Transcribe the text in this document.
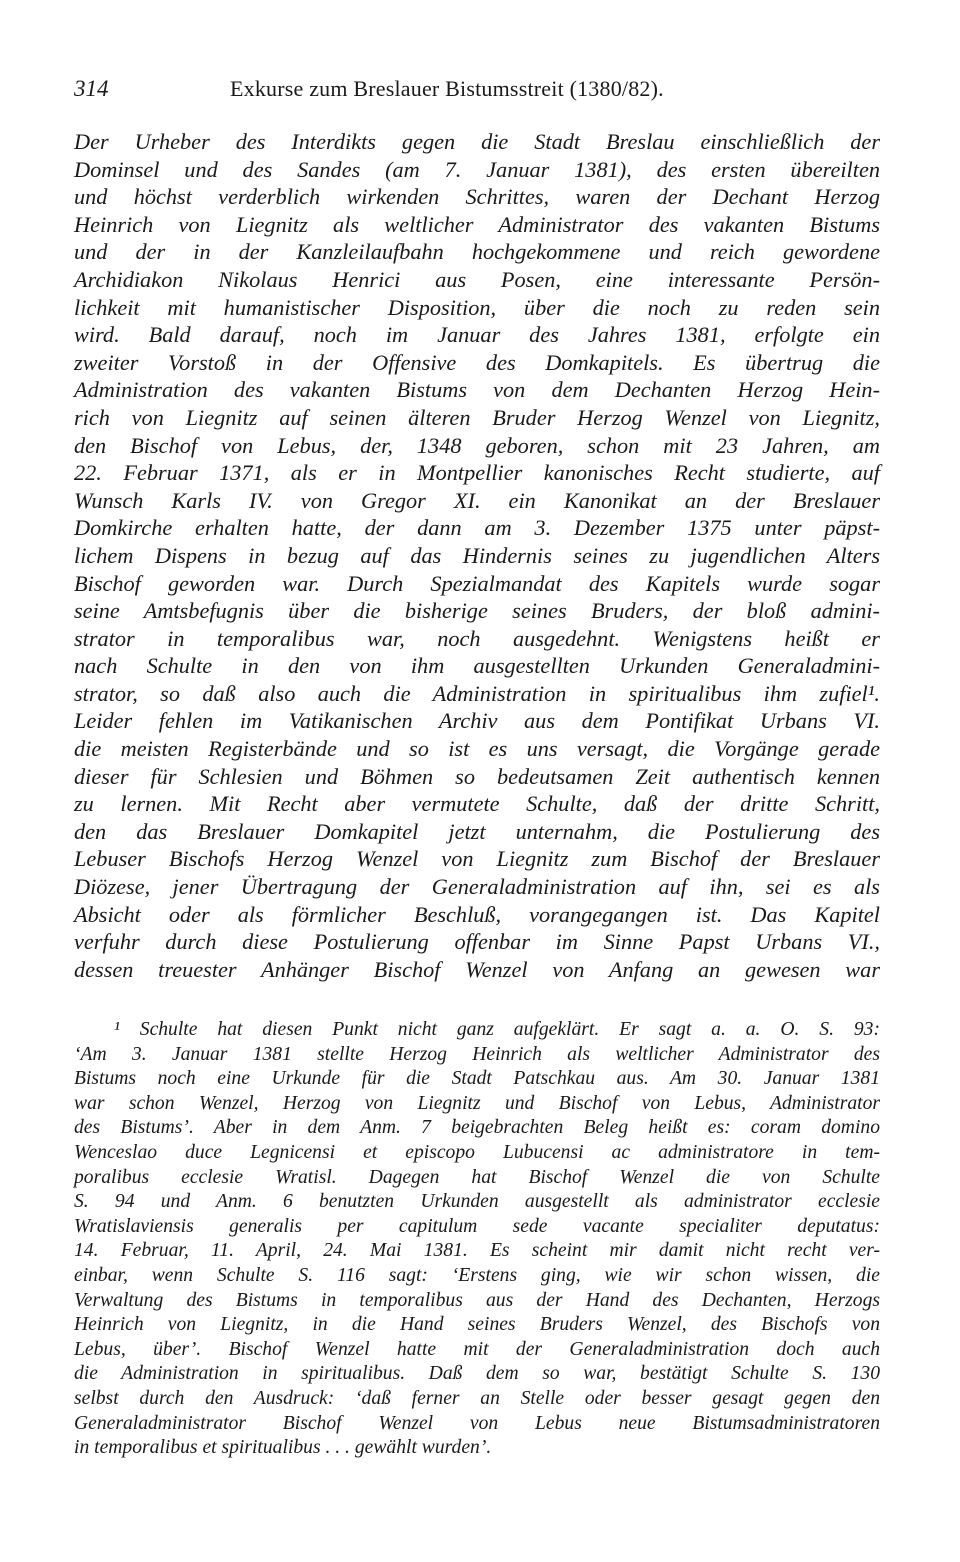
314	Exkurse zum Breslauer Bistumsstreit (1380/82).
Der Urheber des Interdikts gegen die Stadt Breslau einschließlich der
Dominsel und des Sandes (am 7. Januar 1381), des ersten übereilten
und höchst verderblich wirkenden Schrittes, waren der Dechant Herzog
Heinrich von Liegnitz als weltlicher Administrator des vakanten Bistums
und der in der Kanzleilaufbahn hochgekommene und reich gewordene
Archidiakon Nikolaus Henrici aus Posen, eine interessante Persön-
lichkeit mit humanistischer Disposition, über die noch zu reden sein
wird. Bald darauf, noch im Januar des Jahres 1381, erfolgte ein
zweiter Vorstoß in der Offensive des Domkapitels. Es übertrug die
Administration des vakanten Bistums von dem Dechanten Herzog Hein-
rich von Liegnitz auf seinen älteren Bruder Herzog Wenzel von Liegnitz,
den Bischof von Lebus, der, 1348 geboren, schon mit 23 Jahren, am
22. Februar 1371, als er in Montpellier kanonisches Recht studierte, auf
Wunsch Karls IV. von Gregor XI. ein Kanonikat an der Breslauer
Domkirche erhalten hatte, der dann am 3. Dezember 1375 unter päpst-
lichem Dispens in bezug auf das Hindernis seines zu jugendlichen Alters
Bischof geworden war. Durch Spezialmandat des Kapitels wurde sogar
seine Amtsbefugnis über die bisherige seines Bruders, der bloß admini-
strator in temporalibus war, noch ausgedehnt. Wenigstens heißt er
nach Schulte in den von ihm ausgestellten Urkunden Generaladmini-
strator, so daß also auch die Administration in spiritualibus ihm zufiel¹.
Leider fehlen im Vatikanischen Archiv aus dem Pontifikat Urbans VI.
die meisten Registerbände und so ist es uns versagt, die Vorgänge gerade
dieser für Schlesien und Böhmen so bedeutsamen Zeit authentisch kennen
zu lernen. Mit Recht aber vermutete Schulte, daß der dritte Schritt,
den das Breslauer Domkapitel jetzt unternahm, die Postulierung des
Lebuser Bischofs Herzog Wenzel von Liegnitz zum Bischof der Breslauer
Diözese, jener Übertragung der Generaladministration auf ihn, sei es als
Absicht oder als förmlicher Beschluß, vorangegangen ist. Das Kapitel
verfuhr durch diese Postulierung offenbar im Sinne Papst Urbans VI.,
dessen treuester Anhänger Bischof Wenzel von Anfang an gewesen war
¹ Schulte hat diesen Punkt nicht ganz aufgeklärt. Er sagt a. a. O. S. 93:
‘Am 3. Januar 1381 stellte Herzog Heinrich als weltlicher Administrator des
Bistums noch eine Urkunde für die Stadt Patschkau aus. Am 30. Januar 1381
war schon Wenzel, Herzog von Liegnitz und Bischof von Lebus, Administrator
des Bistums’. Aber in dem Anm. 7 beigebrachten Beleg heißt es: coram domino
Wenceslao duce Legnicensi et episcopo Lubucensi ac administratore in tem-
poralibus ecclesie Wratisl. Dagegen hat Bischof Wenzel die von Schulte
S. 94 und Anm. 6 benutzten Urkunden ausgestellt als administrator ecclesie
Wratislaviensis generalis per capitulum sede vacante specialiter deputatus:
14. Februar, 11. April, 24. Mai 1381. Es scheint mir damit nicht recht ver-
einbar, wenn Schulte S. 116 sagt: ‘Erstens ging, wie wir schon wissen, die
Verwaltung des Bistums in temporalibus aus der Hand des Dechanten, Herzogs
Heinrich von Liegnitz, in die Hand seines Bruders Wenzel, des Bischofs von
Lebus, über’. Bischof Wenzel hatte mit der Generaladministration doch auch
die Administration in spiritualibus. Daß dem so war, bestätigt Schulte S. 130
selbst durch den Ausdruck: ‘daß ferner an Stelle oder besser gesagt gegen den
Generaladministrator Bischof Wenzel von Lebus neue Bistumsadministratoren
in temporalibus et spiritualibus . . . gewählt wurden’.
